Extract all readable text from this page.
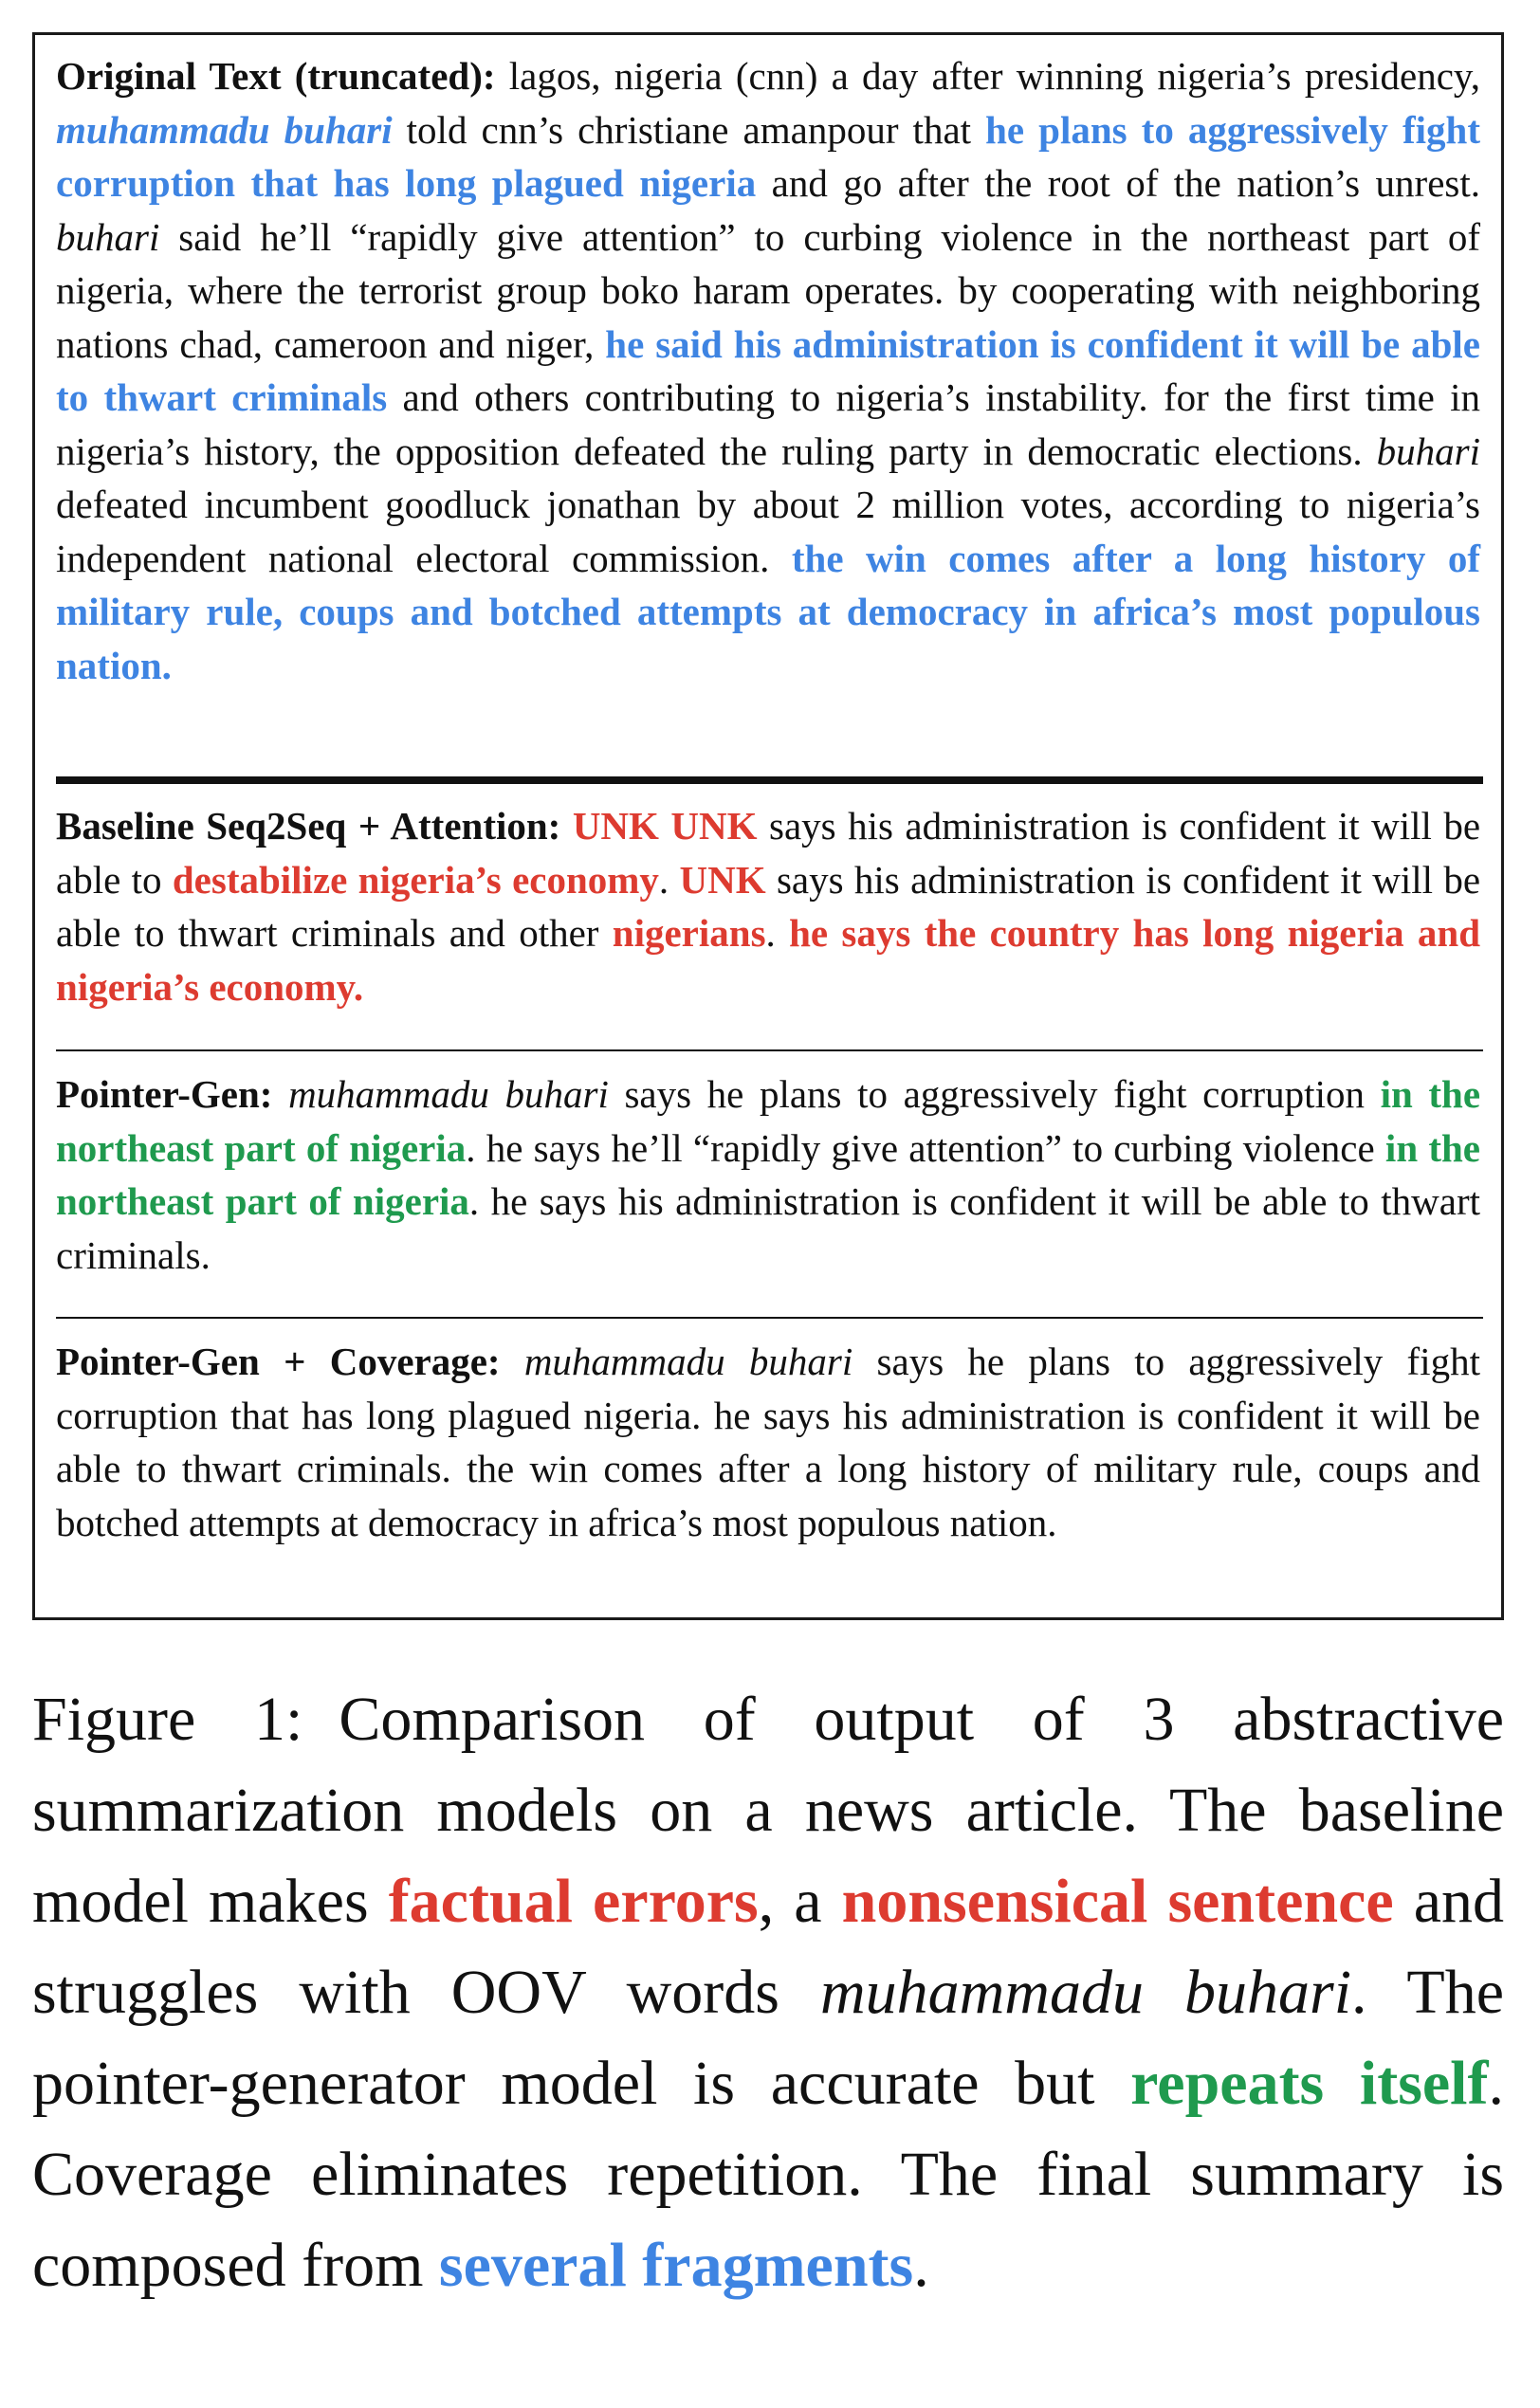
Original Text (truncated): lagos, nigeria (cnn) a day after winning nigeria’s presidency, muhammadu buhari told cnn’s christiane amanpour that he plans to aggressively fight corruption that has long plagued nigeria and go after the root of the nation’s unrest. buhari said he’ll “rapidly give attention” to curbing violence in the northeast part of nigeria, where the terrorist group boko haram operates. by cooperating with neighboring nations chad, cameroon and niger, he said his administration is confident it will be able to thwart criminals and others contributing to nigeria’s instability. for the first time in nigeria’s history, the opposition defeated the ruling party in democratic elections. buhari defeated incumbent goodluck jonathan by about 2 million votes, according to nigeria’s independent national electoral commission. the win comes after a long history of military rule, coups and botched attempts at democracy in africa’s most populous nation.
Baseline Seq2Seq + Attention: UNK UNK says his administration is confident it will be able to destabilize nigeria’s economy. UNK says his administration is confident it will be able to thwart criminals and other nigerians. he says the country has long nigeria and nigeria’s economy.
Pointer-Gen: muhammadu buhari says he plans to aggressively fight corruption in the northeast part of nigeria. he says he’ll “rapidly give attention” to curbing violence in the northeast part of nigeria. he says his administration is confident it will be able to thwart criminals.
Pointer-Gen + Coverage: muhammadu buhari says he plans to aggressively fight corruption that has long plagued nigeria. he says his administration is confident it will be able to thwart criminals. the win comes after a long history of military rule, coups and botched attempts at democracy in africa’s most populous nation.
Figure 1: Comparison of output of 3 abstractive summarization models on a news article. The baseline model makes factual errors, a nonsensical sentence and struggles with OOV words muhammadu buhari. The pointer-generator model is accurate but repeats itself. Coverage eliminates repetition. The final summary is composed from several fragments.
